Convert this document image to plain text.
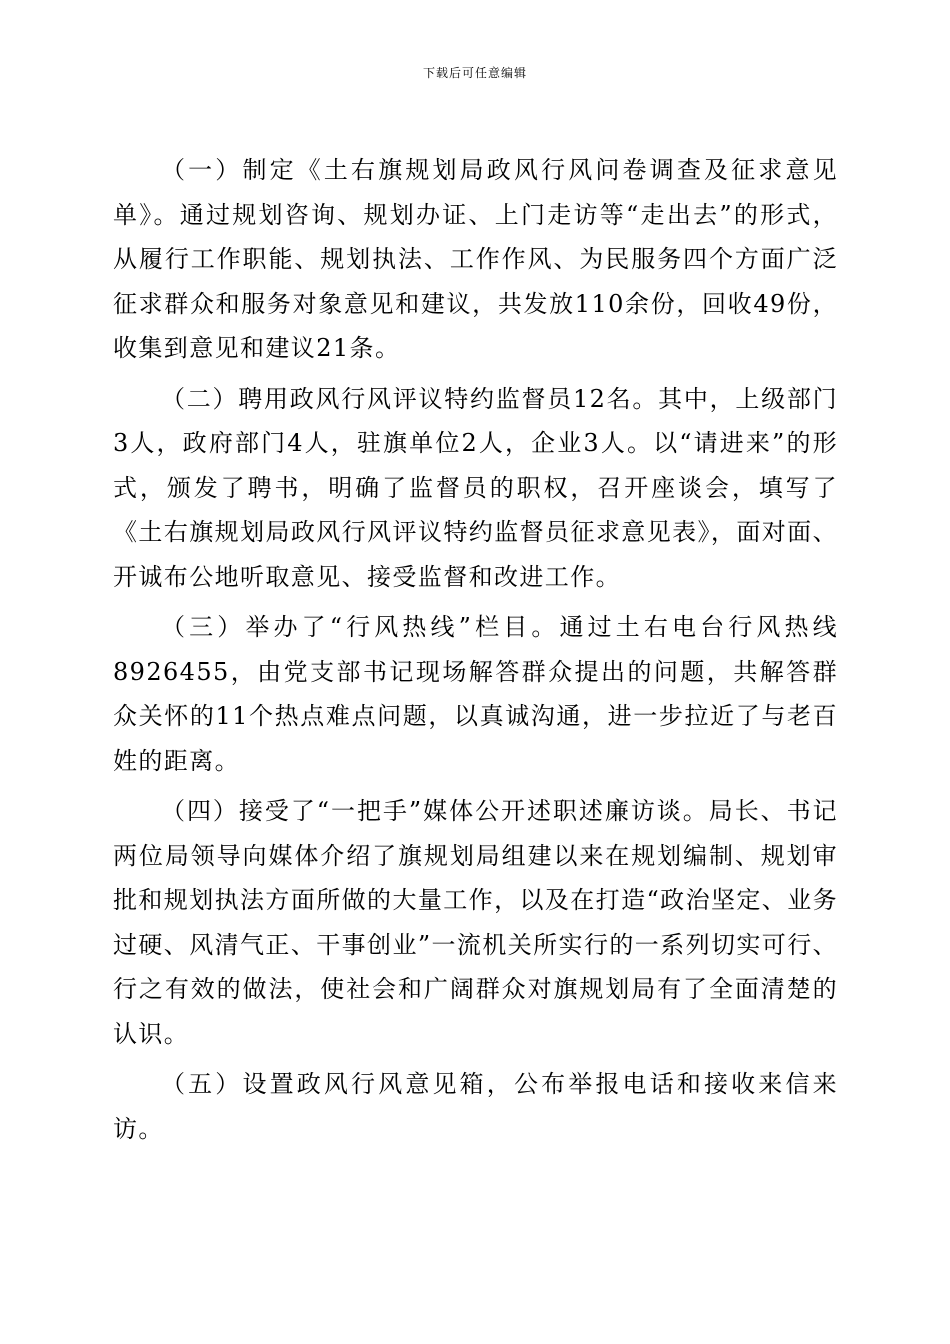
下载后可任意编辑

（一）制定《土右旗规划局政风行风问卷调查及征求意见单》。通过规划咨询、规划办证、上门走访等“走出去”的形式，从履行工作职能、规划执法、工作作风、为民服务四个方面广泛征求群众和服务对象意见和建议，共发放110余份，回收49份，收集到意见和建议21条。

（二）聘用政风行风评议特约监督员12名。其中，上级部门3人，政府部门4人，驻旗单位2人，企业3人。以“请进来”的形式，颁发了聘书，明确了监督员的职权，召开座谈会，填写了《土右旗规划局政风行风评议特约监督员征求意见表》，面对面、开诚布公地听取意见、接受监督和改进工作。

（三）举办了“行风热线”栏目。通过土右电台行风热线8926455，由党支部书记现场解答群众提出的问题，共解答群众关怀的11个热点难点问题，以真诚沟通，进一步拉近了与老百姓的距离。

（四）接受了“一把手”媒体公开述职述廉访谈。局长、书记两位局领导向媒体介绍了旗规划局组建以来在规划编制、规划审批和规划执法方面所做的大量工作，以及在打造“政治坚定、业务过硬、风清气正、干事创业”一流机关所实行的一系列切实可行、行之有效的做法，使社会和广阔群众对旗规划局有了全面清楚的认识。

（五）设置政风行风意见箱，公布举报电话和接收来信来访。
